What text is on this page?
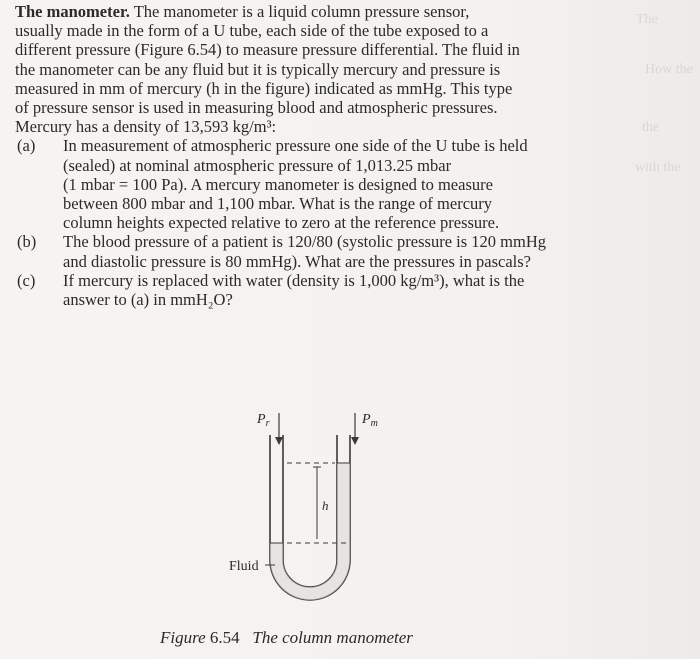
The
How the
the
with the
The manometer. The manometer is a liquid column pressure sensor,
usually made in the form of a U tube, each side of the tube exposed to a
different pressure (Figure 6.54) to measure pressure differential. The fluid in
the manometer can be any fluid but it is typically mercury and pressure is
measured in mm of mercury (h in the figure) indicated as mmHg. This type
of pressure sensor is used in measuring blood and atmospheric pressures.
Mercury has a density of 13,593 kg/m³:
(a) In measurement of atmospheric pressure one side of the U tube is held
(sealed) at nominal atmospheric pressure of 1,013.25 mbar
(1 mbar = 100 Pa). A mercury manometer is designed to measure
between 800 mbar and 1,100 mbar. What is the range of mercury
column heights expected relative to zero at the reference pressure.
(b) The blood pressure of a patient is 120/80 (systolic pressure is 120 mmHg
and diastolic pressure is 80 mmHg). What are the pressures in pascals?
(c) If mercury is replaced with water (density is 1,000 kg/m³), what is the
answer to (a) in mmH₂O?
$P_r$	$P_m$
h
Fluid
Figure 6.54 The column manometer
